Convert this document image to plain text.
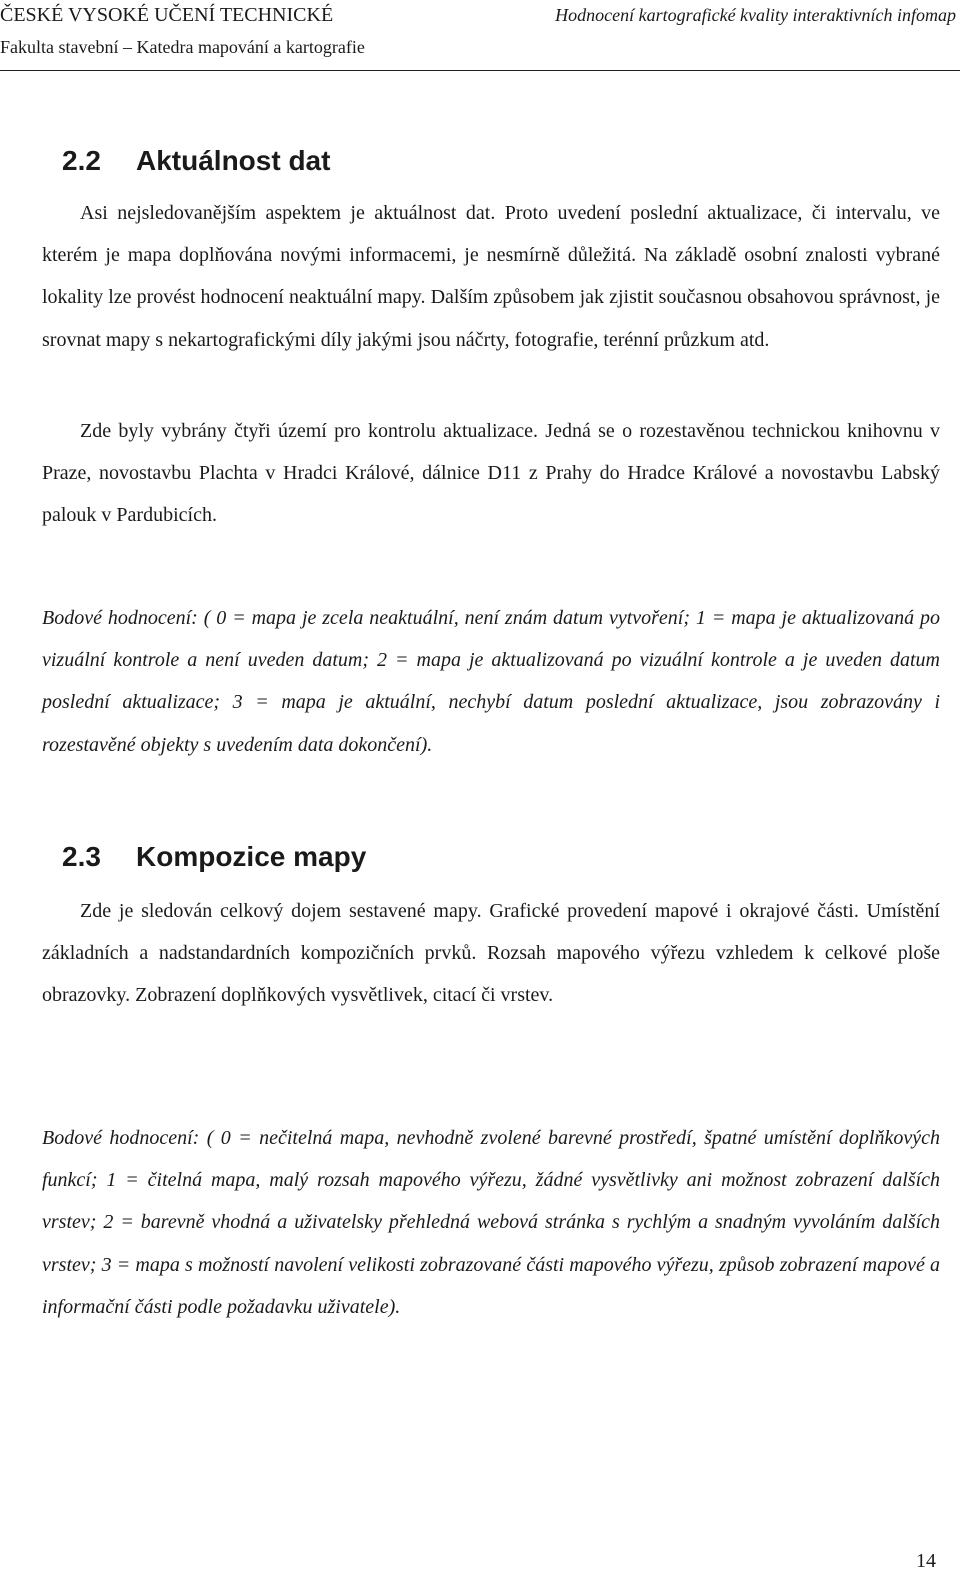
ČESKÉ VYSOKÉ UČENÍ TECHNICKÉ	Hodnocení kartografické kvality interaktivních infomap
Fakulta stavební – Katedra mapování a kartografie
2.2 Aktuálnost dat

Asi nejsledovanějším aspektem je aktuálnost dat. Proto uvedení poslední aktualizace, či intervalu, ve kterém je mapa doplňována novými informacemi, je nesmírně důležitá. Na základě osobní znalosti vybrané lokality lze provést hodnocení neaktuální mapy. Dalším způsobem jak zjistit současnou obsahovou správnost, je srovnat mapy s nekartografickými díly jakými jsou náčrty, fotografie, terénní průzkum atd.

Zde byly vybrány čtyři území pro kontrolu aktualizace. Jedná se o rozestavěnou technickou knihovnu v Praze, novostavbu Plachta v Hradci Králové, dálnice D11 z Prahy do Hradce Králové a novostavbu Labský palouk v Pardubicích.

Bodové hodnocení: ( 0 = mapa je zcela neaktuální, není znám datum vytvoření; 1 = mapa je aktualizovaná po vizuální kontrole a není uveden datum; 2 = mapa je aktualizovaná po vizuální kontrole a je uveden datum poslední aktualizace; 3 = mapa je aktuální, nechybí datum poslední aktualizace, jsou zobrazovány i rozestavěné objekty s uvedením data dokončení).

2.3 Kompozice mapy

Zde je sledován celkový dojem sestavené mapy. Grafické provedení mapové i okrajové části. Umístění základních a nadstandardních kompozičních prvků. Rozsah mapového výřezu vzhledem k celkové ploše obrazovky. Zobrazení doplňkových vysvětlivek, citací či vrstev.

Bodové hodnocení: ( 0 = nečitelná mapa, nevhodně zvolené barevné prostředí, špatné umístění doplňkových funkcí; 1 = čitelná mapa, malý rozsah mapového výřezu, žádné vysvětlivky ani možnost zobrazení dalších vrstev; 2 = barevně vhodná a uživatelsky přehledná webová stránka s rychlým a snadným vyvoláním dalších vrstev; 3 = mapa s možností navolení velikosti zobrazované části mapového výřezu, způsob zobrazení mapové a informační části podle požadavku uživatele).

14
